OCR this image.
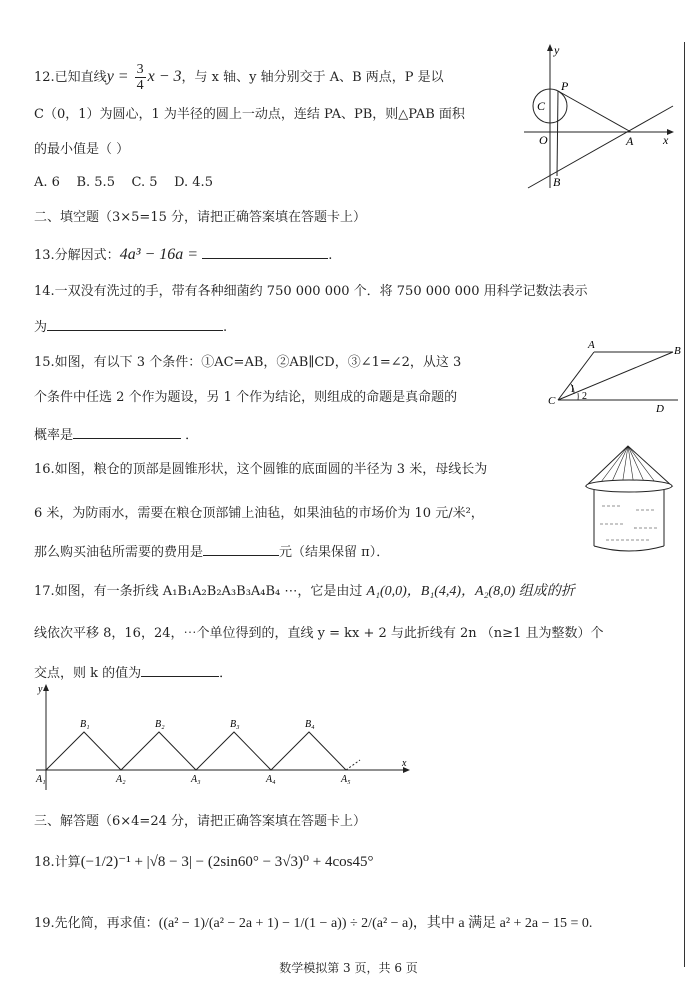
12.已知直线$y = \frac{3}{4}$ x − 3，与 x 轴、y 轴分别交于 A、B 两点，P 是以
C（0，1）为圆心，1 为半径的圆上一动点，连结 PA、PB，则△PAB 面积
的最小值是（ ）
A. 6 B. 5.5 C. 5 D. 4.5
y
P
C
O	A x
B
二、填空题（3×5=15 分，请把正确答案填在答题卡上）
13.分解因式：4a³ − 16a =	.
14.一双没有洗过的手，带有各种细菌约 750 000 000 个．将 750 000 000 用科学记数法表示
为	.
15.如图，有以下 3 个条件：①AC=AB，②AB∥CD，③∠1=∠2，从这 3
个条件中任选 2 个作为题设，另 1 个作为结论，则组成的命题是真命题的
概率是	．
A	B
C
D
1
2
16.如图，粮仓的顶部是圆锥形状，这个圆锥的底面圆的半径为 3 米，母线长为
6 米，为防雨水，需要在粮仓顶部铺上油毡，如果油毡的市场价为 10 元/米²，
那么购买油毡所需要的费用是	元（结果保留 π）．
17.如图，有一条折线 A₁B₁A₂B₂A₃B₃A₄B₄ ⋯，它是由过 A₁(0,0)，B₁(4,4)，A₂(8,0) 组成的折
线依次平移 8，16，24，⋯个单位得到的，直线 y = kx + 2 与此折线有 2n （n≥1 且为整数）个
交点，则 k 的值为	．
y
x
A₁	A₂	A₃	A₄	A₅
B₁	B₂	B₃	B₄
三、解答题（6×4=24 分，请把正确答案填在答题卡上）
18.计算(−1/2)⁻¹ + |√8 − 3| − (2sin60° − 3√3)⁰ + 4cos45°
19.先化简，再求值：((a² − 1)/(a² − 2a + 1) − 1/(1 − a)) ÷ 2/(a² − a)，其中 a 满足 a² + 2a − 15 = 0.
数学模拟第 3 页，共 6 页
